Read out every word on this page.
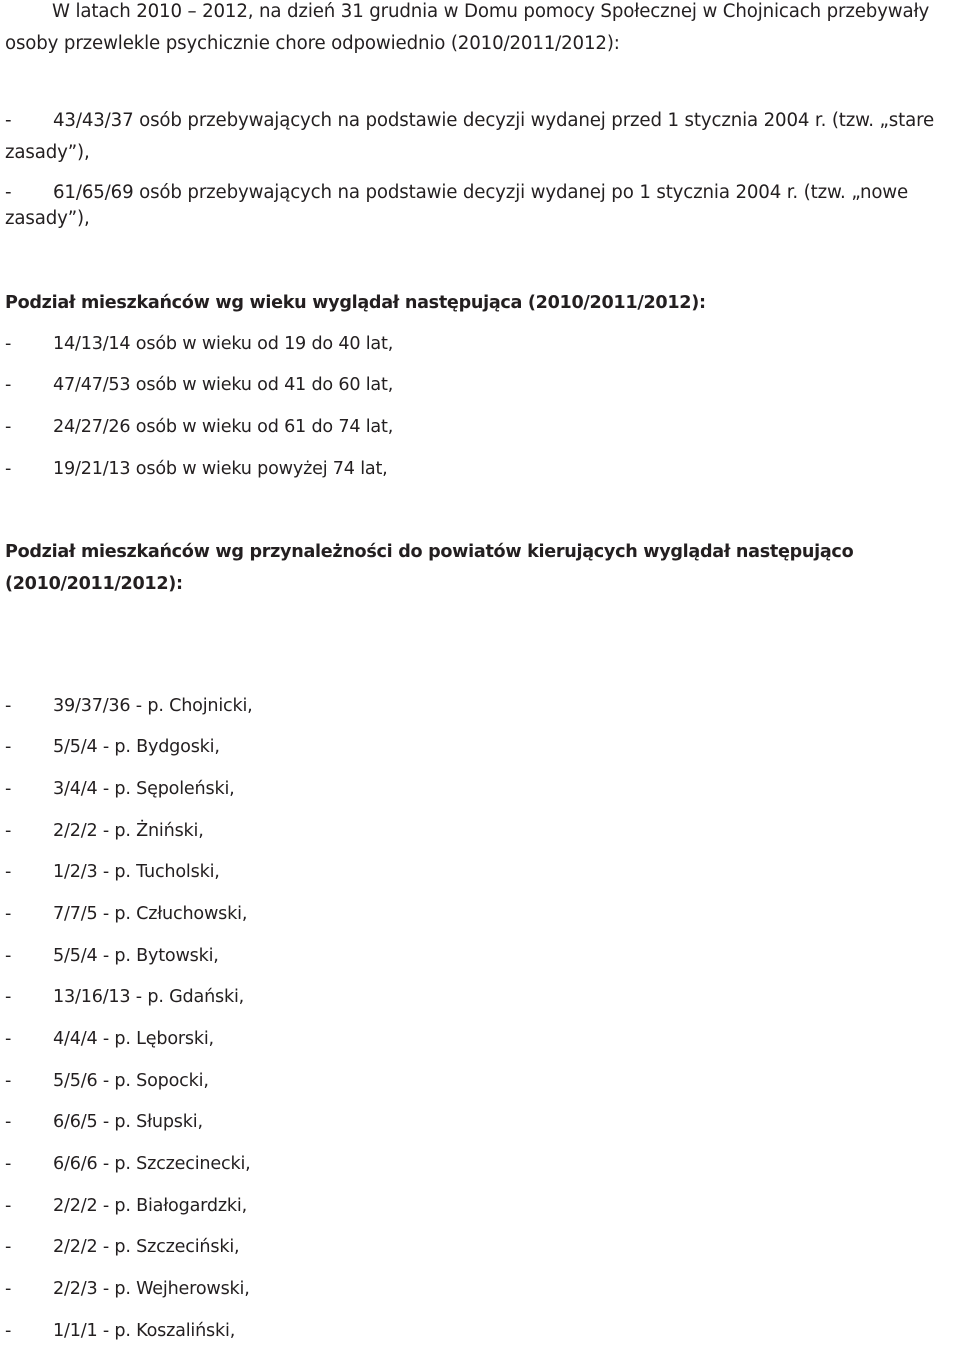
W latach 2010 – 2012, na dzień 31 grudnia w Domu pomocy Społecznej w Chojnicach przebywały
osoby przewlekle psychicznie chore odpowiednio (2010/2011/2012):
- 43/43/37 osób przebywających na podstawie decyzji wydanej przed 1 stycznia 2004 r. (tzw. „stare
zasady”),
- 61/65/69 osób przebywających na podstawie decyzji wydanej po 1 stycznia 2004 r. (tzw. „nowe
zasady”),
Podział mieszkańców wg wieku wyglądał następująca (2010/2011/2012):
- 14/13/14 osób w wieku od 19 do 40 lat,
- 47/47/53 osób w wieku od 41 do 60 lat,
- 24/27/26 osób w wieku od 61 do 74 lat,
- 19/21/13 osób w wieku powyżej 74 lat,
Podział mieszkańców wg przynależności do powiatów kierujących wyglądał następująco
(2010/2011/2012):
- 39/37/36 - p. Chojnicki,
- 5/5/4 - p. Bydgoski,
- 3/4/4 - p. Sępoleński,
- 2/2/2 - p. Żniński,
- 1/2/3 - p. Tucholski,
- 7/7/5 - p. Człuchowski,
- 5/5/4 - p. Bytowski,
- 13/16/13 - p. Gdański,
- 4/4/4 - p. Lęborski,
- 5/5/6 - p. Sopocki,
- 6/6/5 - p. Słupski,
- 6/6/6 - p. Szczecinecki,
- 2/2/2 - p. Białogardzki,
- 2/2/2 - p. Szczeciński,
- 2/2/3 - p. Wejherowski,
- 1/1/1 - p. Koszaliński,
